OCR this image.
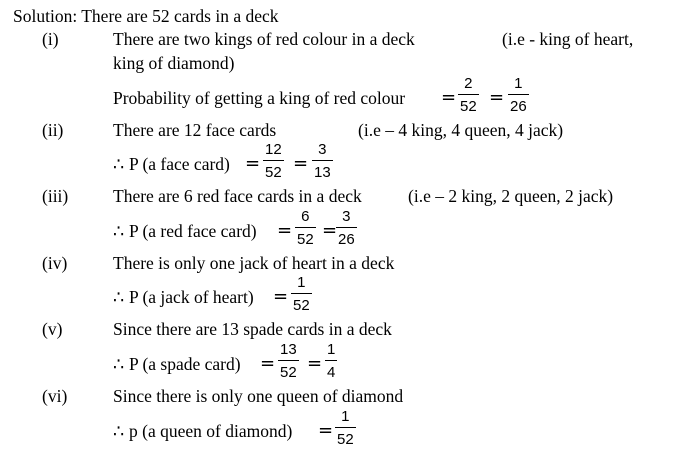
Solution: There are 52 cards in a deck
(i)	There are two kings of red colour in a deck	(i.e - king of heart,
king of diamond)
Probability of getting a king of red colour =
2
52 =
1
26
(ii)	There are 12 face cards	(i.e – 4 king, 4 queen, 4 jack)
∴ P (a face card) =
12
52 =
3
13
(iii)	There are 6 red face cards in a deck	(i.e – 2 king, 2 queen, 2 jack)
∴ P (a red face card) =
6
52 =
3
26
(iv)	There is only one jack of heart in a deck
∴ P (a jack of heart) =
1
52
(v)	Since there are 13 spade cards in a deck
∴ P (a spade card) =
13
52 =
1
4
(vi)	Since there is only one queen of diamond
∴ p (a queen of diamond) =
1
52
